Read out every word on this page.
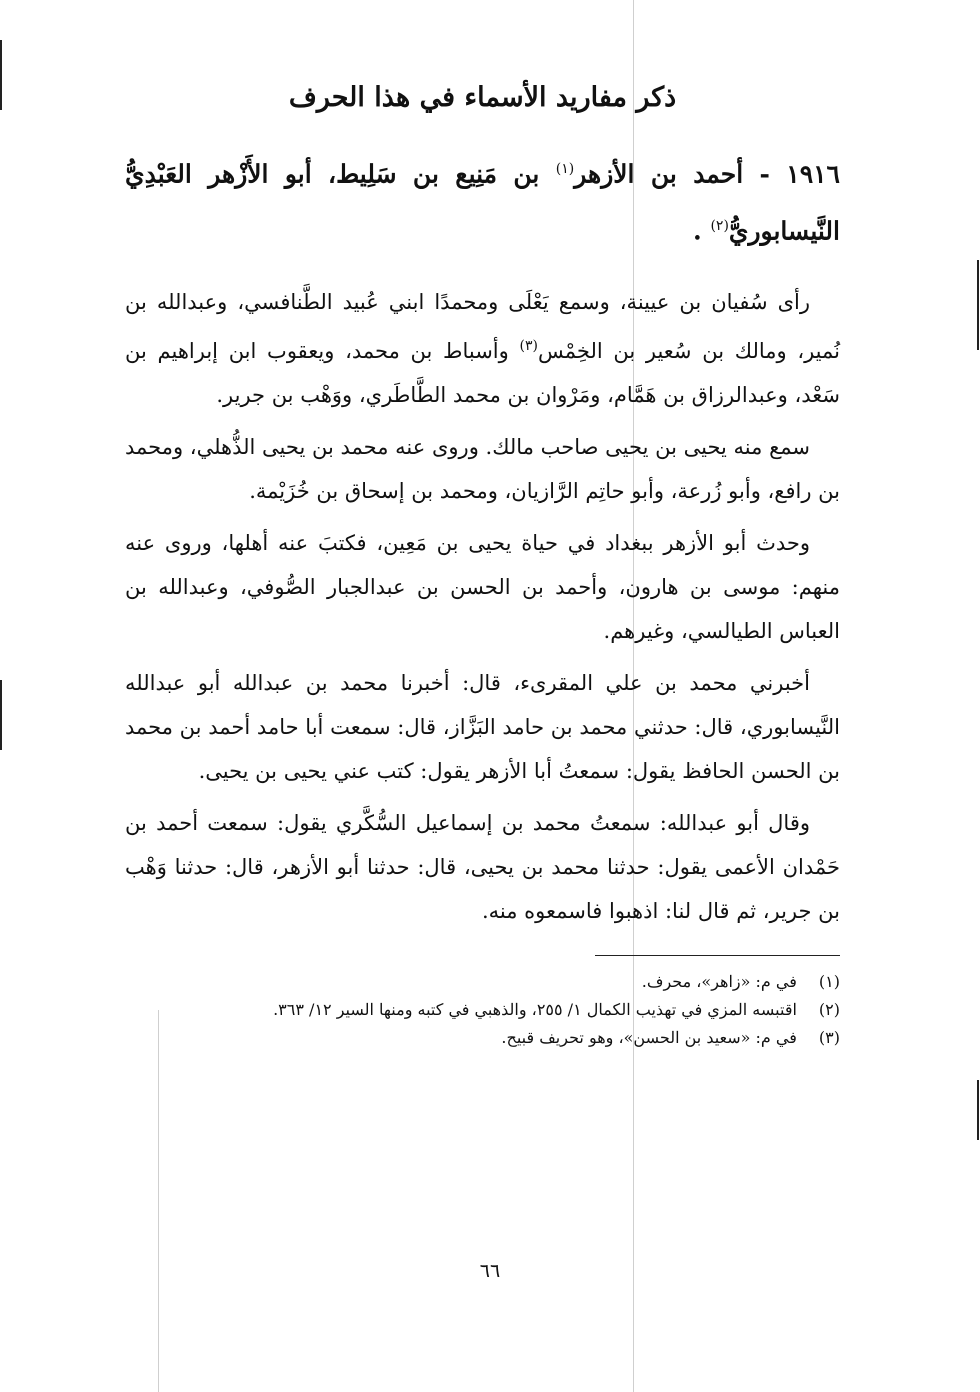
ذكر مفاريد الأسماء في هذا الحرف
١٩١٦ - أحمد بن الأزهر$^{(١)}$ بن مَنِيع بن سَلِيط، أبو الأَزْهر العَبْدِيُّ النَّيسابوريُّ$^{(٢)}$ .

رأى سُفيان بن عيينة، وسمع يَعْلَى ومحمدًا ابني عُبيد الطَّنافسي، وعبدالله بن نُمير، ومالك بن سُعير بن الخِمْس$^{(٣)}$ وأسباط بن محمد، ويعقوب ابن إبراهيم بن سَعْد، وعبدالرزاق بن هَمَّام، ومَرْوان بن محمد الطَّاطَري، ووَهْب بن جرير.

سمع منه يحيى بن يحيى صاحب مالك. وروى عنه محمد بن يحيى الذُّهلي، ومحمد بن رافع، وأبو زُرعة، وأبو حاتِم الرَّازيان، ومحمد بن إسحاق بن خُزَيْمة.

وحدث أبو الأزهر ببغداد في حياة يحيى بن مَعِين، فكتبَ عنه أهلها، وروى عنه منهم: موسى بن هارون، وأحمد بن الحسن بن عبدالجبار الصُّوفي، وعبدالله بن العباس الطيالسي، وغيرهم.

أخبرني محمد بن علي المقرىء، قال: أخبرنا محمد بن عبدالله أبو عبدالله النَّيسابوري، قال: حدثني محمد بن حامد البَزَّاز، قال: سمعت أبا حامد أحمد بن محمد بن الحسن الحافظ يقول: سمعتُ أبا الأزهر يقول: كتب عني يحيى بن يحيى.

وقال أبو عبدالله: سمعتُ محمد بن إسماعيل السُّكَّري يقول: سمعت أحمد بن حَمْدان الأعمى يقول: حدثنا محمد بن يحيى، قال: حدثنا أبو الأزهر، قال: حدثنا وَهْب بن جرير، ثم قال لنا: اذهبوا فاسمعوه منه.

(١) في م: «زاهر»، محرف.
(٢) اقتبسه المزي في تهذيب الكمال ١/ ٢٥٥، والذهبي في كتبه ومنها السير ١٢/ ٣٦٣.
(٣) في م: «سعيد بن الحسن»، وهو تحريف قبيح.
٦٦
